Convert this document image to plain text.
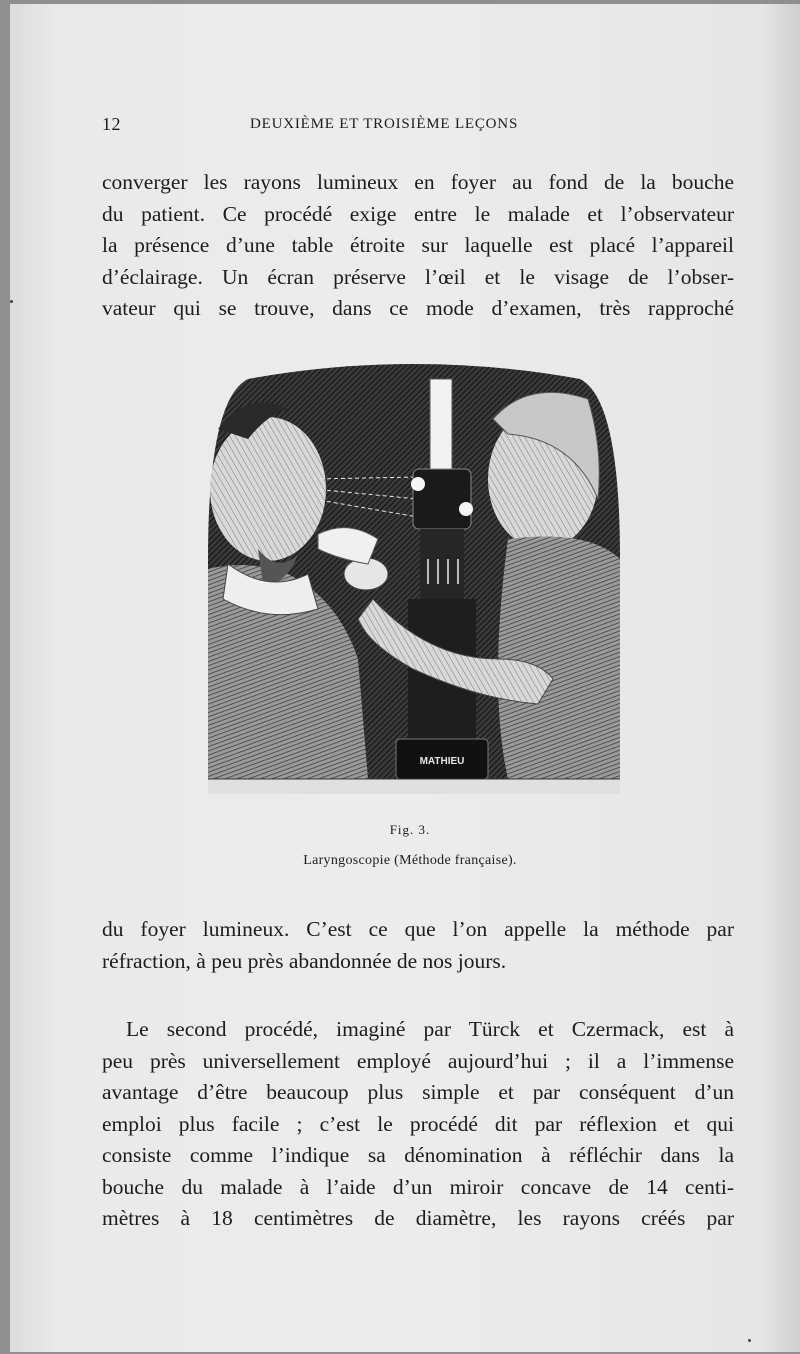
12	DEUXIÈME ET TROISIÈME LEÇONS
converger les rayons lumineux en foyer au fond de la bouche
du patient. Ce procédé exige entre le malade et l’observateur
la présence d’une table étroite sur laquelle est placé l’appareil
d’éclairage. Un écran préserve l’œil et le visage de l’obser-
vateur qui se trouve, dans ce mode d’examen, très rapproché
MATHIEU
Fig. 3.
Laryngoscopie (Méthode française).
du foyer lumineux. C’est ce que l’on appelle la méthode par
réfraction, à peu près abandonnée de nos jours.
Le second procédé, imaginé par Türck et Czermack, est à
peu près universellement employé aujourd’hui ; il a l’immense
avantage d’être beaucoup plus simple et par conséquent d’un
emploi plus facile ; c’est le procédé dit par réflexion et qui
consiste comme l’indique sa dénomination à réfléchir dans la
bouche du malade à l’aide d’un miroir concave de 14 centi-
mètres à 18 centimètres de diamètre, les rayons créés par
